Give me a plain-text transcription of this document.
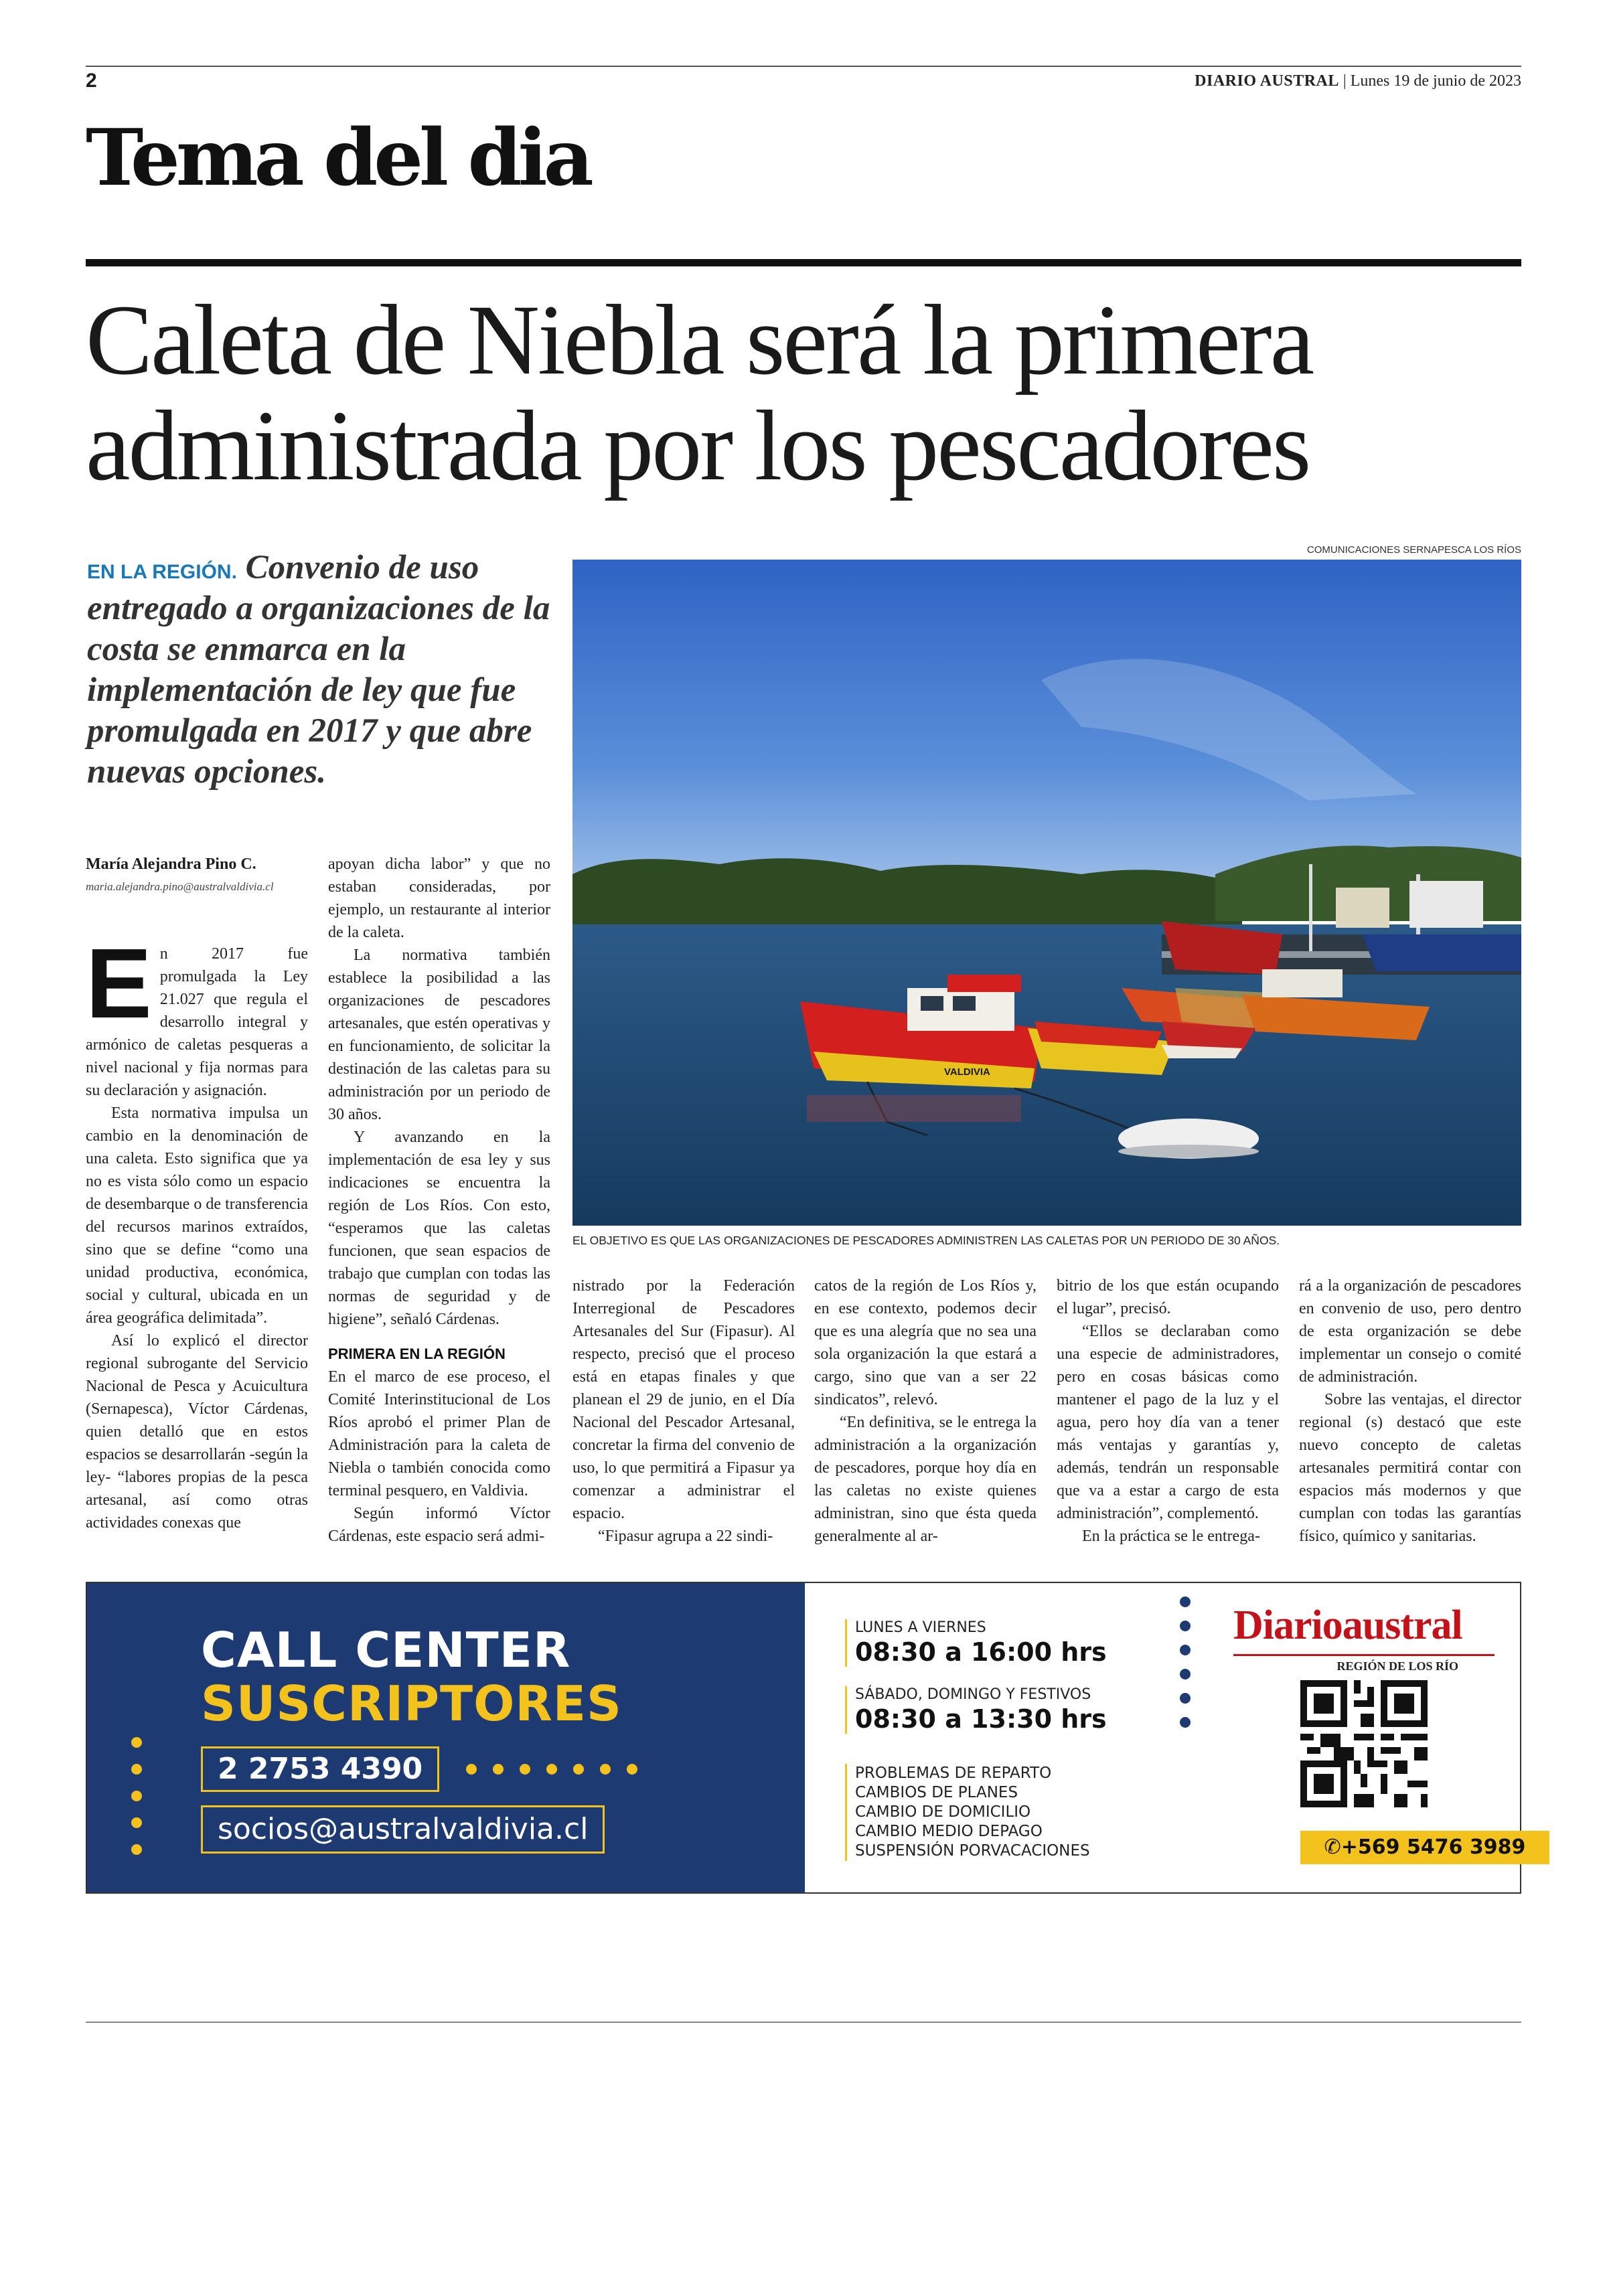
2	DIARIO AUSTRAL | Lunes 19 de junio de 2023
Tema del dia
Caleta de Niebla será la primera administrada por los pescadores
EN LA REGIÓN. Convenio de uso entregado a organizaciones de la costa se enmarca en la implementación de ley que fue promulgada en 2017 y que abre nuevas opciones.
COMUNICACIONES SERNAPESCA LOS RÍOS
VALDIVIA
EL OBJETIVO ES QUE LAS ORGANIZACIONES DE PESCADORES ADMINISTREN LAS CALETAS POR UN PERIODO DE 30 AÑOS.
María Alejandra Pino C.
maria.alejandra.pino@australvaldivia.cl
E n 2017 fue promulgada la Ley 21.027 que regula el desarrollo integral y armónico de caletas pesqueras a nivel nacional y fija normas para su declaración y asignación.

Esta normativa impulsa un cambio en la denominación de una caleta. Esto significa que ya no es vista sólo como un espacio de desembarque o de transferencia del recursos marinos extraídos, sino que se define “como una unidad productiva, económica, social y cultural, ubicada en un área geográfica delimitada”.

Así lo explicó el director regional subrogante del Servicio Nacional de Pesca y Acuicultura (Sernapesca), Víctor Cárdenas, quien detalló que en estos espacios se desarrollarán -según la ley- “labores propias de la pesca artesanal, así como otras actividades conexas que

apoyan dicha labor” y que no estaban consideradas, por ejemplo, un restaurante al interior de la caleta.

La normativa también establece la posibilidad a las organizaciones de pescadores artesanales, que estén operativas y en funcionamiento, de solicitar la destinación de las caletas para su administración por un periodo de 30 años.

Y avanzando en la implementación de esa ley y sus indicaciones se encuentra la región de Los Ríos. Con esto, “esperamos que las caletas funcionen, que sean espacios de trabajo que cumplan con todas las normas de seguridad y de higiene”, señaló Cárdenas.

PRIMERA EN LA REGIÓN

En el marco de ese proceso, el Comité Interinstitucional de Los Ríos aprobó el primer Plan de Administración para la caleta de Niebla o también conocida como terminal pesquero, en Valdivia.

Según informó Víctor Cárdenas, este espacio será admi-

nistrado por la Federación Interregional de Pescadores Artesanales del Sur (Fipasur). Al respecto, precisó que el proceso está en etapas finales y que planean el 29 de junio, en el Día Nacional del Pescador Artesanal, concretar la firma del convenio de uso, lo que permitirá a Fipasur ya comenzar a administrar el espacio.

“Fipasur agrupa a 22 sindi-

catos de la región de Los Ríos y, en ese contexto, podemos decir que es una alegría que no sea una sola organización la que estará a cargo, sino que van a ser 22 sindicatos”, relevó.

“En definitiva, se le entrega la administración a la organización de pescadores, porque hoy día en las caletas no existe quienes administran, sino que ésta queda generalmente al ar-

bitrio de los que están ocupando el lugar”, precisó.

“Ellos se declaraban como una especie de administradores, pero en cosas básicas como mantener el pago de la luz y el agua, pero hoy día van a tener más ventajas y garantías y, además, tendrán un responsable que va a estar a cargo de esta administración”, complementó.

En la práctica se le entrega-

rá a la organización de pescadores en convenio de uso, pero dentro de esta organización se debe implementar un consejo o comité de administración.

Sobre las ventajas, el director regional (s) destacó que este nuevo concepto de caletas artesanales permitirá contar con espacios más modernos y que cumplan con todas las garantías físico, químico y sanitarias.

CALL CENTER
SUSCRIPTORES
2 2753 4390
socios@australvaldivia.cl
LUNES A VIERNES
08:30 a 16:00 hrs
SÁBADO, DOMINGO Y FESTIVOS
08:30 a 13:30 hrs
PROBLEMAS DE REPARTO
CAMBIOS DE PLANES
CAMBIO DE DOMICILIO
CAMBIO MEDIO DEPAGO
SUSPENSIÓN PORVACACIONES
Diarioaustral
REGIÓN DE LOS RÍO
✆+569 5476 3989
